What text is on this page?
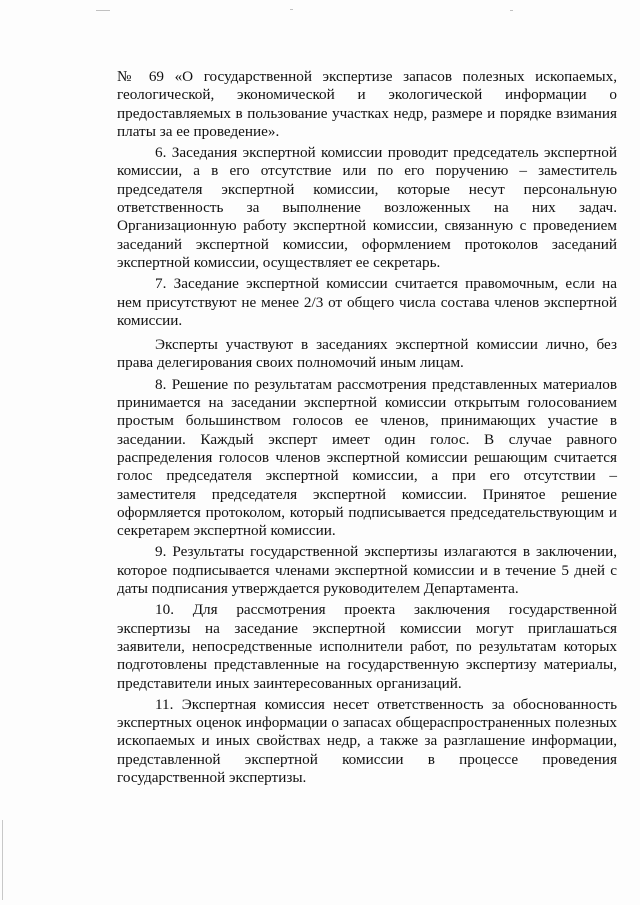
№ 69 «О государственной экспертизе запасов полезных ископаемых, геологической, экономической и экологической информации о предоставляемых в пользование участках недр, размере и порядке взимания платы за ее проведение».

6. Заседания экспертной комиссии проводит председатель экспертной комиссии, а в его отсутствие или по его поручению – заместитель председателя экспертной комиссии, которые несут персональную ответственность за выполнение возложенных на них задач. Организационную работу экспертной комиссии, связанную с проведением заседаний экспертной комиссии, оформлением протоколов заседаний экспертной комиссии, осуществляет ее секретарь.

7. Заседание экспертной комиссии считается правомочным, если на нем присутствуют не менее 2/3 от общего числа состава членов экспертной комиссии.

Эксперты участвуют в заседаниях экспертной комиссии лично, без права делегирования своих полномочий иным лицам.

8. Решение по результатам рассмотрения представленных материалов принимается на заседании экспертной комиссии открытым голосованием простым большинством голосов ее членов, принимающих участие в заседании. Каждый эксперт имеет один голос. В случае равного распределения голосов членов экспертной комиссии решающим считается голос председателя экспертной комиссии, а при его отсутствии – заместителя председателя экспертной комиссии. Принятое решение оформляется протоколом, который подписывается председательствующим и секретарем экспертной комиссии.

9. Результаты государственной экспертизы излагаются в заключении, которое подписывается членами экспертной комиссии и в течение 5 дней с даты подписания утверждается руководителем Департамента.

10. Для рассмотрения проекта заключения государственной экспертизы на заседание экспертной комиссии могут приглашаться заявители, непосредственные исполнители работ, по результатам которых подготовлены представленные на государственную экспертизу материалы, представители иных заинтересованных организаций.

11. Экспертная комиссия несет ответственность за обоснованность экспертных оценок информации о запасах общераспространенных полезных ископаемых и иных свойствах недр, а также за разглашение информации, представленной экспертной комиссии в процессе проведения государственной экспертизы.
